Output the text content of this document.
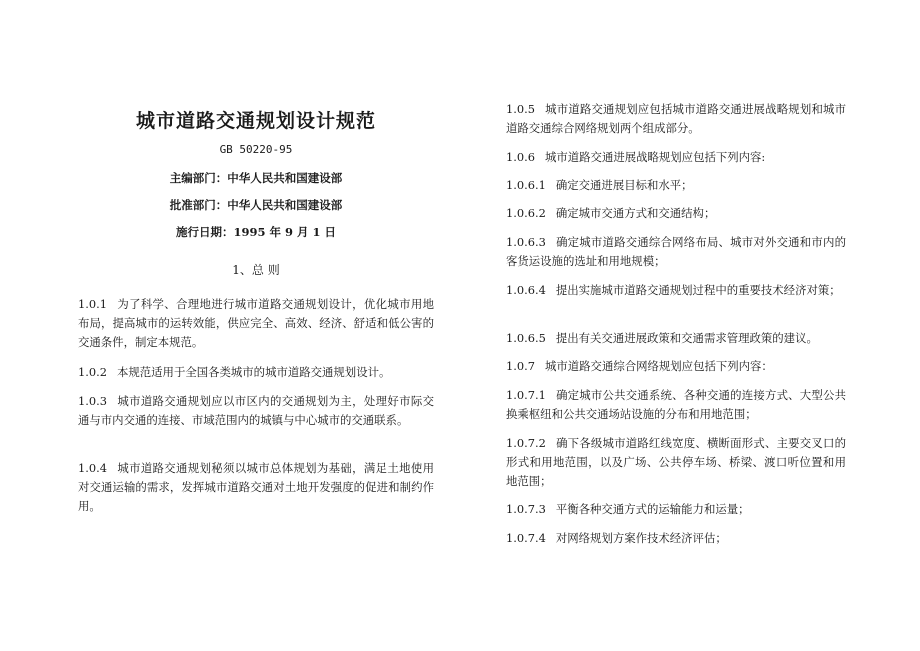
城市道路交通规划设计规范
GB 50220-95
主编部门：中华人民共和国建设部
批准部门：中华人民共和国建设部
施行日期：1995 年 9 月 1 日
1、总 则

1.0.1 为了科学、合理地进行城市道路交通规划设计，优化城市用地布局，提高城市的运转效能，供应完全、高效、经济、舒适和低公害的交通条件，制定本规范。

1.0.2 本规范适用于全国各类城市的城市道路交通规划设计。

1.0.3 城市道路交通规划应以市区内的交通规划为主，处理好市际交通与市内交通的连接、市域范围内的城镇与中心城市的交通联系。

1.0.4 城市道路交通规划秘须以城市总体规划为基础，满足土地使用对交通运输的需求，发挥城市道路交通对土地开发强度的促进和制约作用。

1.0.5 城市道路交通规划应包括城市道路交通进展战略规划和城市道路交通综合网络规划两个组成部分。

1.0.6 城市道路交通进展战略规划应包括下列内容:

1.0.6.1 确定交通进展目标和水平；

1.0.6.2 确定城市交通方式和交通结构；

1.0.6.3 确定城市道路交通综合网络布局、城市对外交通和市内的客货运设施的选址和用地规模；

1.0.6.4 提出实施城市道路交通规划过程中的重要技术经济对策；

1.0.6.5 提出有关交通进展政策和交通需求管理政策的建议。

1.0.7 城市道路交通综合网络规划应包括下列内容：

1.0.7.1 确定城市公共交通系统、各种交通的连接方式、大型公共换乘枢纽和公共交通场站设施的分布和用地范围；

1.0.7.2 确下各级城市道路红线宽度、横断面形式、主要交叉口的形式和用地范围，以及广场、公共停车场、桥梁、渡口听位置和用地范围；

1.0.7.3 平衡各种交通方式的运输能力和运量；

1.0.7.4 对网络规划方案作技术经济评估；
